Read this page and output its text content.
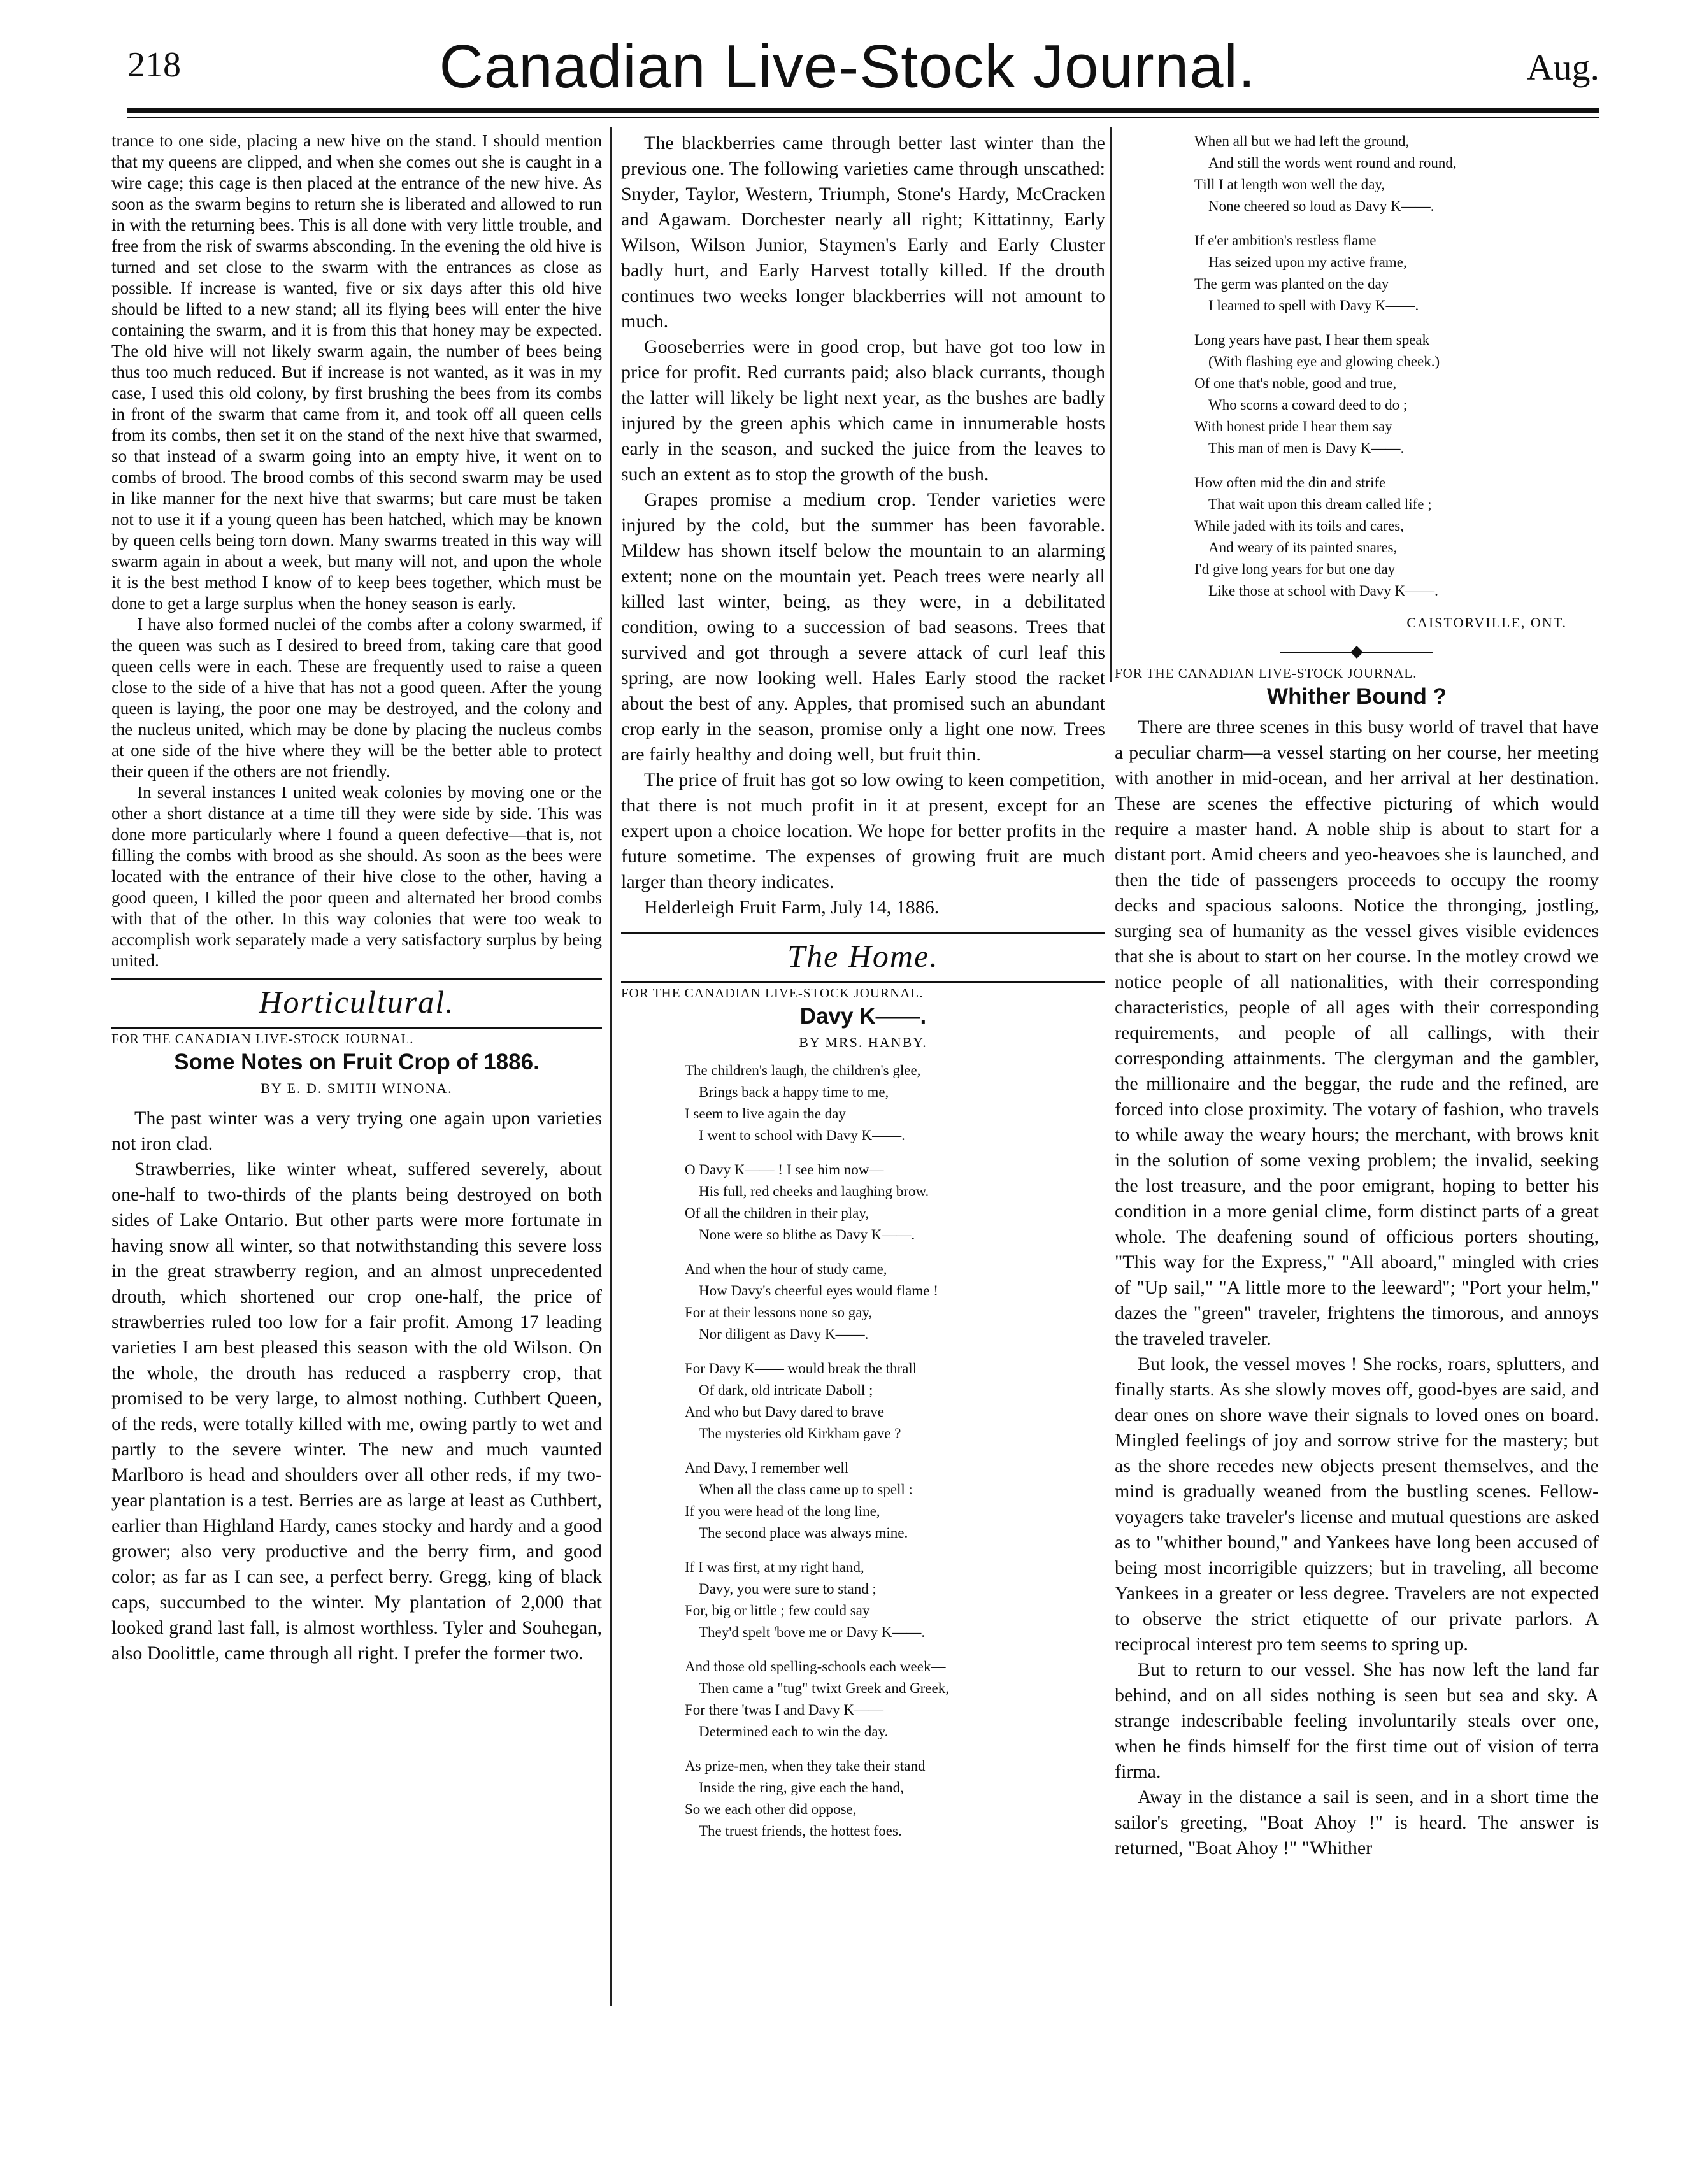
218	Canadian Live-Stock Journal.	Aug.

trance to one side, placing a new hive on the stand. I should mention that my queens are clipped, and when she comes out she is caught in a wire cage; this cage is then placed at the entrance of the new hive. As soon as the swarm begins to return she is liberated and allowed to run in with the returning bees. This is all done with very little trouble, and free from the risk of swarms absconding. In the evening the old hive is turned and set close to the swarm with the entrances as close as possible. If increase is wanted, five or six days after this old hive should be lifted to a new stand; all its flying bees will enter the hive containing the swarm, and it is from this that honey may be expected. The old hive will not likely swarm again, the number of bees being thus too much reduced. But if increase is not wanted, as it was in my case, I used this old colony, by first brushing the bees from its combs in front of the swarm that came from it, and took off all queen cells from its combs, then set it on the stand of the next hive that swarmed, so that instead of a swarm going into an empty hive, it went on to combs of brood. The brood combs of this second swarm may be used in like manner for the next hive that swarms; but care must be taken not to use it if a young queen has been hatched, which may be known by queen cells being torn down. Many swarms treated in this way will swarm again in about a week, but many will not, and upon the whole it is the best method I know of to keep bees together, which must be done to get a large surplus when the honey season is early.

I have also formed nuclei of the combs after a colony swarmed, if the queen was such as I desired to breed from, taking care that good queen cells were in each. These are frequently used to raise a queen close to the side of a hive that has not a good queen. After the young queen is laying, the poor one may be destroyed, and the colony and the nucleus united, which may be done by placing the nucleus combs at one side of the hive where they will be the better able to protect their queen if the others are not friendly.

In several instances I united weak colonies by moving one or the other a short distance at a time till they were side by side. This was done more particularly where I found a queen defective—that is, not filling the combs with brood as she should. As soon as the bees were located with the entrance of their hive close to the other, having a good queen, I killed the poor queen and alternated her brood combs with that of the other. In this way colonies that were too weak to accomplish work separately made a very satisfactory surplus by being united.

Horticultural.
FOR THE CANADIAN LIVE-STOCK JOURNAL.
Some Notes on Fruit Crop of 1886.
BY E. D. SMITH WINONA.

The past winter was a very trying one again upon varieties not iron clad.

Strawberries, like winter wheat, suffered severely, about one-half to two-thirds of the plants being destroyed on both sides of Lake Ontario. But other parts were more fortunate in having snow all winter, so that notwithstanding this severe loss in the great strawberry region, and an almost unprecedented drouth, which shortened our crop one-half, the price of strawberries ruled too low for a fair profit. Among 17 leading varieties I am best pleased this season with the old Wilson. On the whole, the drouth has reduced a raspberry crop, that promised to be very large, to almost nothing. Cuthbert Queen, of the reds, were totally killed with me, owing partly to wet and partly to the severe winter. The new and much vaunted Marlboro is head and shoulders over all other reds, if my two-year plantation is a test. Berries are as large at least as Cuthbert, earlier than Highland Hardy, canes stocky and hardy and a good grower; also very productive and the berry firm, and good color; as far as I can see, a perfect berry. Gregg, king of black caps, succumbed to the winter. My plantation of 2,000 that looked grand last fall, is almost worthless. Tyler and Souhegan, also Doolittle, came through all right. I prefer the former two.

The blackberries came through better last winter than the previous one. The following varieties came through unscathed: Snyder, Taylor, Western, Triumph, Stone's Hardy, McCracken and Agawam. Dorchester nearly all right; Kittatinny, Early Wilson, Wilson Junior, Staymen's Early and Early Cluster badly hurt, and Early Harvest totally killed. If the drouth continues two weeks longer blackberries will not amount to much.

Gooseberries were in good crop, but have got too low in price for profit. Red currants paid; also black currants, though the latter will likely be light next year, as the bushes are badly injured by the green aphis which came in innumerable hosts early in the season, and sucked the juice from the leaves to such an extent as to stop the growth of the bush.

Grapes promise a medium crop. Tender varieties were injured by the cold, but the summer has been favorable. Mildew has shown itself below the mountain to an alarming extent; none on the mountain yet. Peach trees were nearly all killed last winter, being, as they were, in a debilitated condition, owing to a succession of bad seasons. Trees that survived and got through a severe attack of curl leaf this spring, are now looking well. Hales Early stood the racket about the best of any. Apples, that promised such an abundant crop early in the season, promise only a light one now. Trees are fairly healthy and doing well, but fruit thin.

The price of fruit has got so low owing to keen competition, that there is not much profit in it at present, except for an expert upon a choice location. We hope for better profits in the future sometime. The expenses of growing fruit are much larger than theory indicates.

Helderleigh Fruit Farm, July 14, 1886.
The Home.
FOR THE CANADIAN LIVE-STOCK JOURNAL.
Davy K——.
BY MRS. HANBY.
The children's laugh, the children's glee,
Brings back a happy time to me,
I seem to live again the day
I went to school with Davy K——.
O Davy K—— ! I see him now—
His full, red cheeks and laughing brow.
Of all the children in their play,
None were so blithe as Davy K——.
And when the hour of study came,
How Davy's cheerful eyes would flame !
For at their lessons none so gay,
Nor diligent as Davy K——.
For Davy K—— would break the thrall
Of dark, old intricate Daboll ;
And who but Davy dared to brave
The mysteries old Kirkham gave ?
And Davy, I remember well
When all the class came up to spell :
If you were head of the long line,
The second place was always mine.
If I was first, at my right hand,
Davy, you were sure to stand ;
For, big or little ; few could say
They'd spelt 'bove me or Davy K——.
And those old spelling-schools each week—
Then came a "tug" twixt Greek and Greek,
For there 'twas I and Davy K——
Determined each to win the day.
As prize-men, when they take their stand
Inside the ring, give each the hand,
So we each other did oppose,
The truest friends, the hottest foes.
When all but we had left the ground,
And still the words went round and round,
Till I at length won well the day,
None cheered so loud as Davy K——.
If e'er ambition's restless flame
Has seized upon my active frame,
The germ was planted on the day
I learned to spell with Davy K——.
Long years have past, I hear them speak
(With flashing eye and glowing cheek.)
Of one that's noble, good and true,
Who scorns a coward deed to do ;
With honest pride I hear them say
This man of men is Davy K——.
How often mid the din and strife
That wait upon this dream called life ;
While jaded with its toils and cares,
And weary of its painted snares,
I'd give long years for but one day
Like those at school with Davy K——.
CAISTORVILLE, ONT.
FOR THE CANADIAN LIVE-STOCK JOURNAL.
Whither Bound ?

There are three scenes in this busy world of travel that have a peculiar charm—a vessel starting on her course, her meeting with another in mid-ocean, and her arrival at her destination. These are scenes the effective picturing of which would require a master hand. A noble ship is about to start for a distant port. Amid cheers and yeo-heavoes she is launched, and then the tide of passengers proceeds to occupy the roomy decks and spacious saloons. Notice the thronging, jostling, surging sea of humanity as the vessel gives visible evidences that she is about to start on her course. In the motley crowd we notice people of all nationalities, with their corresponding characteristics, people of all ages with their corresponding requirements, and people of all callings, with their corresponding attainments. The clergyman and the gambler, the millionaire and the beggar, the rude and the refined, are forced into close proximity. The votary of fashion, who travels to while away the weary hours; the merchant, with brows knit in the solution of some vexing problem; the invalid, seeking the lost treasure, and the poor emigrant, hoping to better his condition in a more genial clime, form distinct parts of a great whole. The deafening sound of officious porters shouting, "This way for the Express," "All aboard," mingled with cries of "Up sail," "A little more to the leeward"; "Port your helm," dazes the "green" traveler, frightens the timorous, and annoys the traveled traveler.

But look, the vessel moves ! She rocks, roars, splutters, and finally starts. As she slowly moves off, good-byes are said, and dear ones on shore wave their signals to loved ones on board. Mingled feelings of joy and sorrow strive for the mastery; but as the shore recedes new objects present themselves, and the mind is gradually weaned from the bustling scenes. Fellow-voyagers take traveler's license and mutual questions are asked as to "whither bound," and Yankees have long been accused of being most incorrigible quizzers; but in traveling, all become Yankees in a greater or less degree. Travelers are not expected to observe the strict etiquette of our private parlors. A reciprocal interest pro tem seems to spring up.

But to return to our vessel. She has now left the land far behind, and on all sides nothing is seen but sea and sky. A strange indescribable feeling involuntarily steals over one, when he finds himself for the first time out of vision of terra firma.

Away in the distance a sail is seen, and in a short time the sailor's greeting, "Boat Ahoy !" is heard. The answer is returned, "Boat Ahoy !" "Whither
